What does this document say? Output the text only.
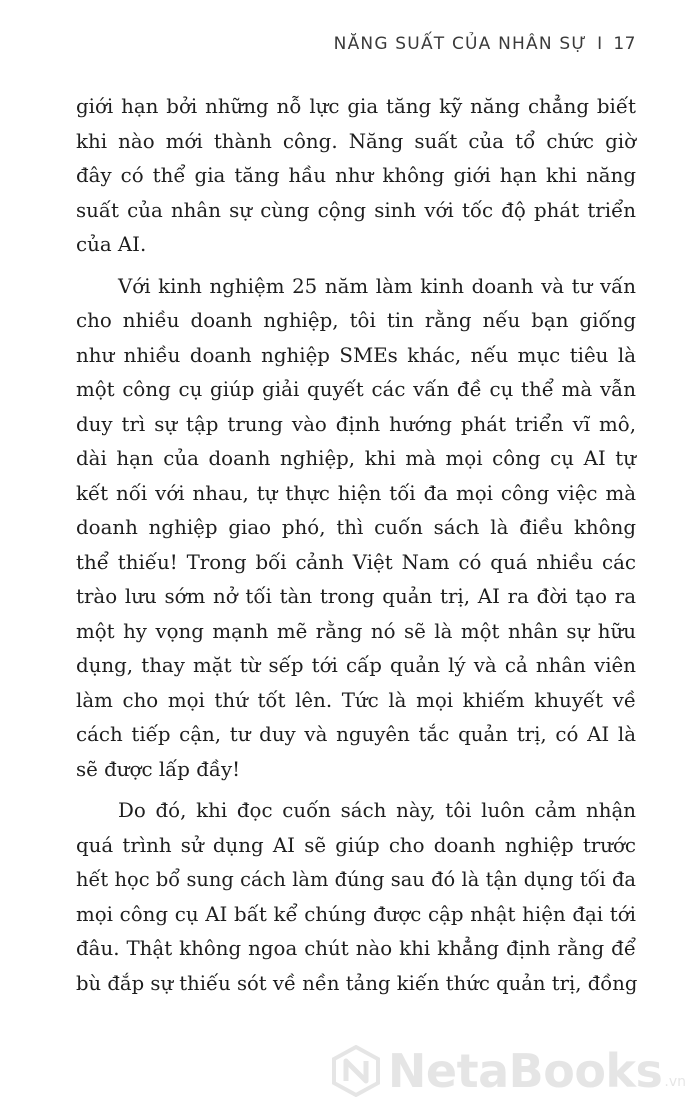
NĂNG SUẤT CỦA NHÂN SỰ I 17

giới hạn bởi những nỗ lực gia tăng kỹ năng chẳng biết
khi nào mới thành công. Năng suất của tổ chức giờ
đây có thể gia tăng hầu như không giới hạn khi năng
suất của nhân sự cùng cộng sinh với tốc độ phát triển
của AI.

Với kinh nghiệm 25 năm làm kinh doanh và tư vấn
cho nhiều doanh nghiệp, tôi tin rằng nếu bạn giống
như nhiều doanh nghiệp SMEs khác, nếu mục tiêu là
một công cụ giúp giải quyết các vấn đề cụ thể mà vẫn
duy trì sự tập trung vào định hướng phát triển vĩ mô,
dài hạn của doanh nghiệp, khi mà mọi công cụ AI tự
kết nối với nhau, tự thực hiện tối đa mọi công việc mà
doanh nghiệp giao phó, thì cuốn sách là điều không
thể thiếu! Trong bối cảnh Việt Nam có quá nhiều các
trào lưu sớm nở tối tàn trong quản trị, AI ra đời tạo ra
một hy vọng mạnh mẽ rằng nó sẽ là một nhân sự hữu
dụng, thay mặt từ sếp tới cấp quản lý và cả nhân viên
làm cho mọi thứ tốt lên. Tức là mọi khiếm khuyết về
cách tiếp cận, tư duy và nguyên tắc quản trị, có AI là
sẽ được lấp đầy!

Do đó, khi đọc cuốn sách này, tôi luôn cảm nhận
quá trình sử dụng AI sẽ giúp cho doanh nghiệp trước
hết học bổ sung cách làm đúng sau đó là tận dụng tối đa
mọi công cụ AI bất kể chúng được cập nhật hiện đại tới
đâu. Thật không ngoa chút nào khi khẳng định rằng để
bù đắp sự thiếu sót về nền tảng kiến thức quản trị, đồng

NetaBooks .vn
